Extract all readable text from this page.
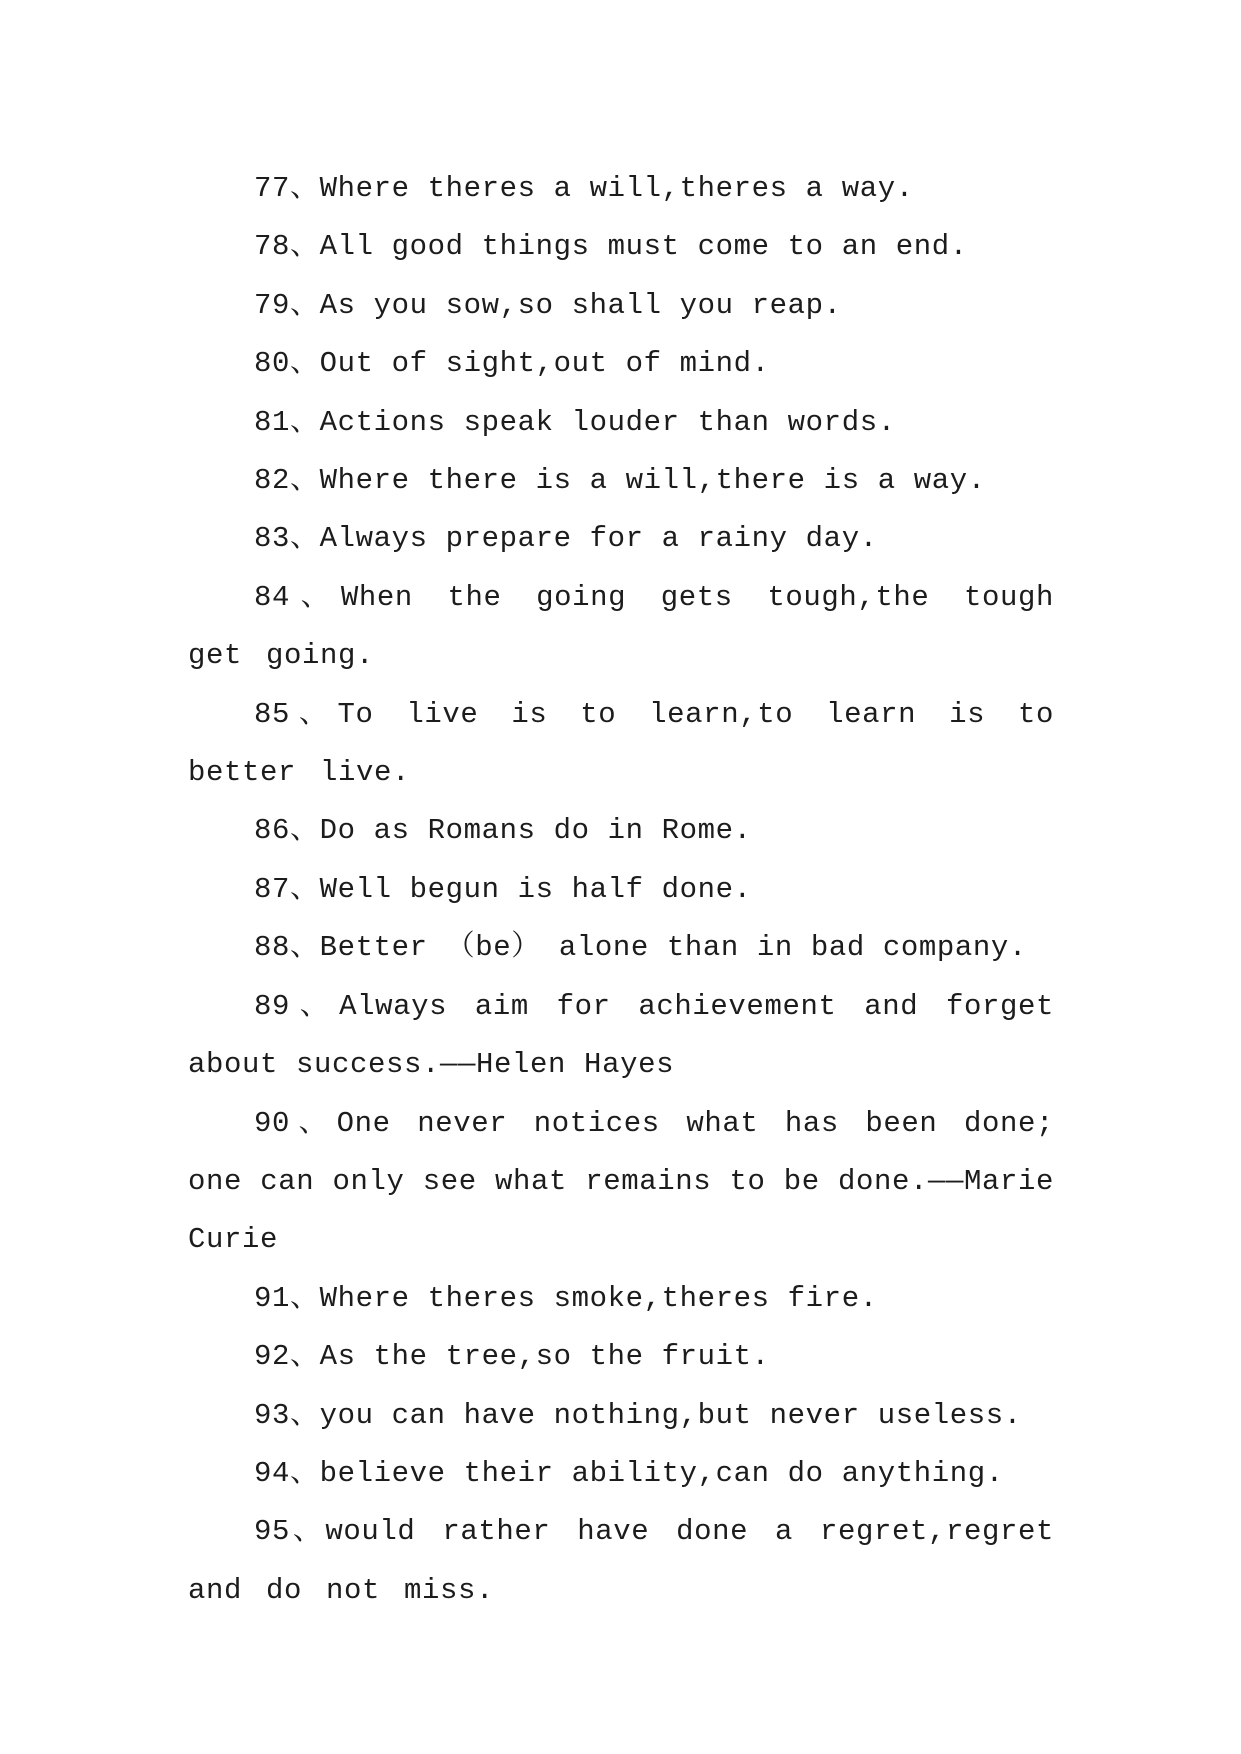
77、Where theres a will,theres a way.

78、All good things must come to an end.

79、As you sow,so shall you reap.

80、Out of sight,out of mind.

81、Actions speak louder than words.

82、Where there is a will,there is a way.

83、Always prepare for a rainy day.

84、When the going gets tough,the tough get going.

85、To live is to learn,to learn is to better live.

86、Do as Romans do in Rome.

87、Well begun is half done.

88、Better （be） alone than in bad company.

89、Always aim for achievement and forget about success.——Helen Hayes

90、One never notices what has been done; one can only see what remains to be done.——Marie Curie

91、Where theres smoke,theres fire.

92、As the tree,so the fruit.

93、you can have nothing,but never useless.

94、believe their ability,can do anything.

95、would rather have done a regret,regret and do not miss.
